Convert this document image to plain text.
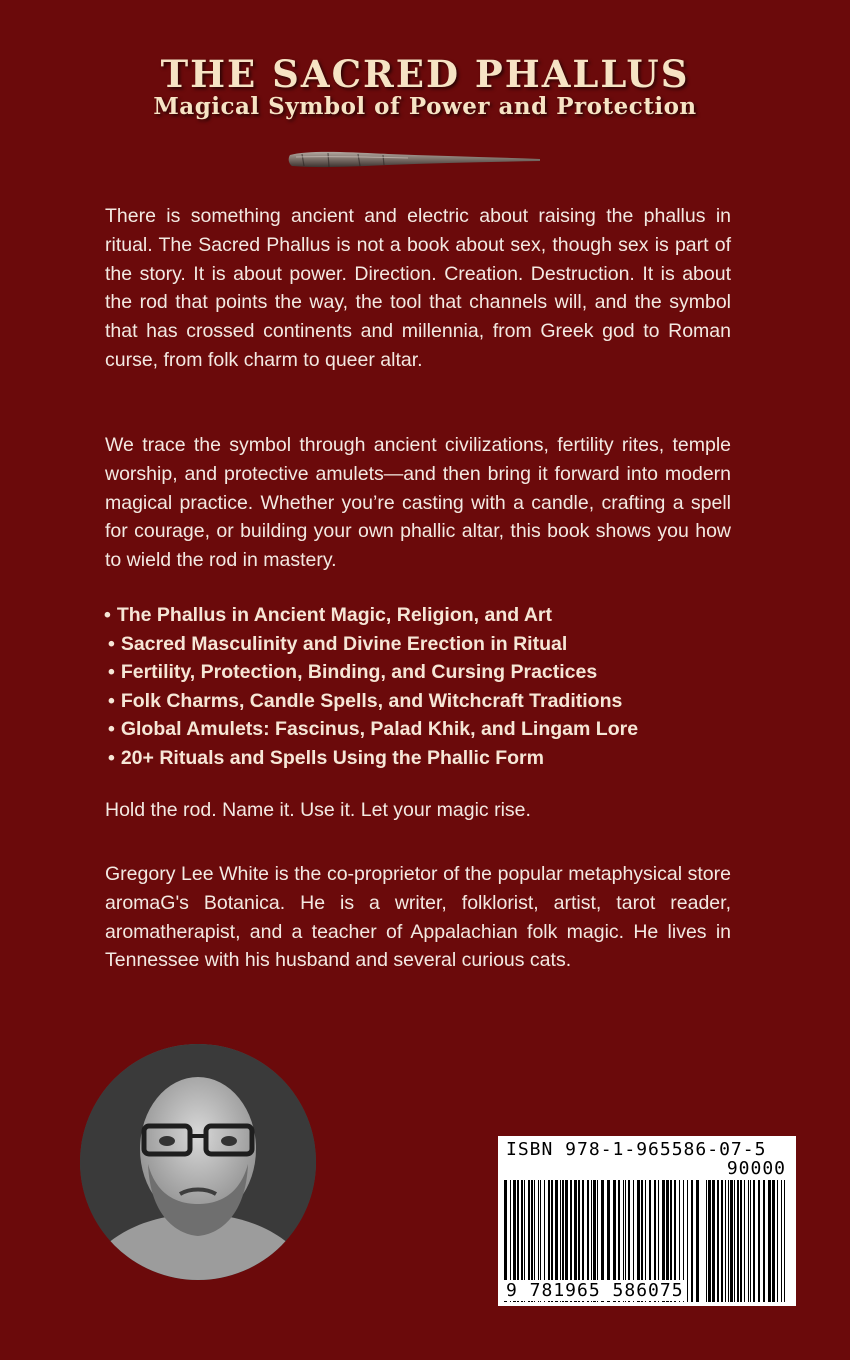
THE SACRED PHALLUS
Magical Symbol of Power and Protection

There is something ancient and electric about raising the phallus in ritual. The Sacred Phallus is not a book about sex, though sex is part of the story. It is about power. Direction. Creation. Destruction. It is about the rod that points the way, the tool that channels will, and the symbol that has crossed continents and millennia, from Greek god to Roman curse, from folk charm to queer altar.

We trace the symbol through ancient civilizations, fertility rites, temple worship, and protective amulets—and then bring it forward into modern magical practice. Whether you’re casting with a candle, crafting a spell for courage, or building your own phallic altar, this book shows you how to wield the rod in mastery.

• The Phallus in Ancient Magic, Religion, and Art
• Sacred Masculinity and Divine Erection in Ritual
• Fertility, Protection, Binding, and Cursing Practices
• Folk Charms, Candle Spells, and Witchcraft Traditions
• Global Amulets: Fascinus, Palad Khik, and Lingam Lore
• 20+ Rituals and Spells Using the Phallic Form

Hold the rod. Name it. Use it. Let your magic rise.

Gregory Lee White is the co-proprietor of the popular metaphysical store aromaG's Botanica. He is a writer, folklorist, artist, tarot reader, aromatherapist, and a teacher of Appalachian folk magic. He lives in Tennessee with his husband and several curious cats.

ISBN 978-1-965586-07-5
90000
9 781965 586075
